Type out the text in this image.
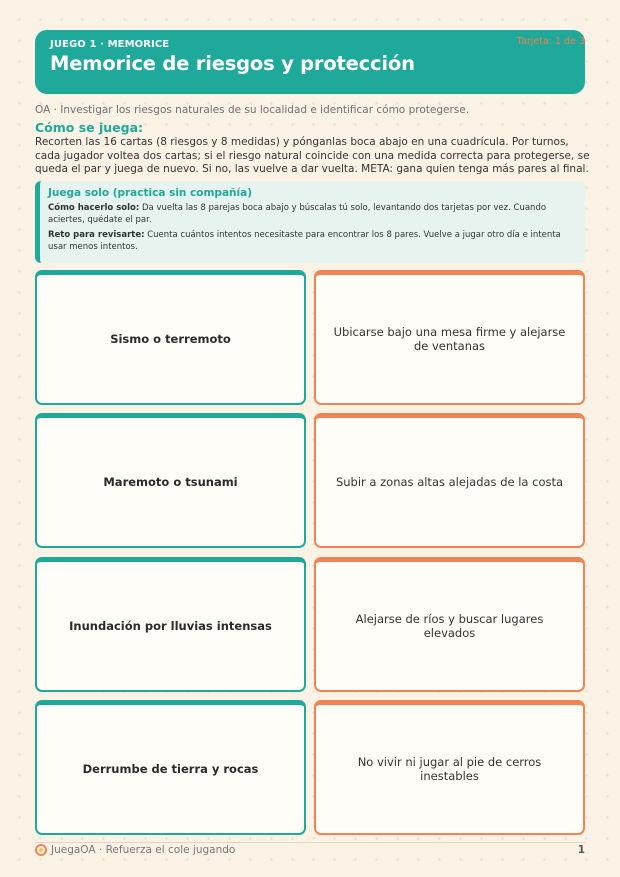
JUEGO 1 · MEMORICE
Memorice de riesgos y protección
Tarjeta: 1 de 3
OA · Investigar los riesgos naturales de su localidad e identificar cómo protegerse.
Cómo se juega:
Recorten las 16 cartas (8 riesgos y 8 medidas) y pónganlas boca abajo en una cuadrícula. Por turnos, cada jugador voltea dos cartas; si el riesgo natural coincide con una medida correcta para protegerse, se queda el par y juega de nuevo. Si no, las vuelve a dar vuelta. META: gana quien tenga más pares al final.
Juega solo (practica sin compañía)
Cómo hacerlo solo: Da vuelta las 8 parejas boca abajo y búscalas tú solo, levantando dos tarjetas por vez. Cuando aciertes, quédate el par.
Reto para revisarte: Cuenta cuántos intentos necesitaste para encontrar los 8 pares. Vuelve a jugar otro día e intenta usar menos intentos.
Sismo o terremoto	Ubicarse bajo una mesa firme y alejarse de ventanas
Maremoto o tsunami	Subir a zonas altas alejadas de la costa
Inundación por lluvias intensas	Alejarse de ríos y buscar lugares elevados
Derrumbe de tierra y rocas	No vivir ni jugar al pie de cerros inestables
JuegaOA · Refuerza el cole jugando	1
